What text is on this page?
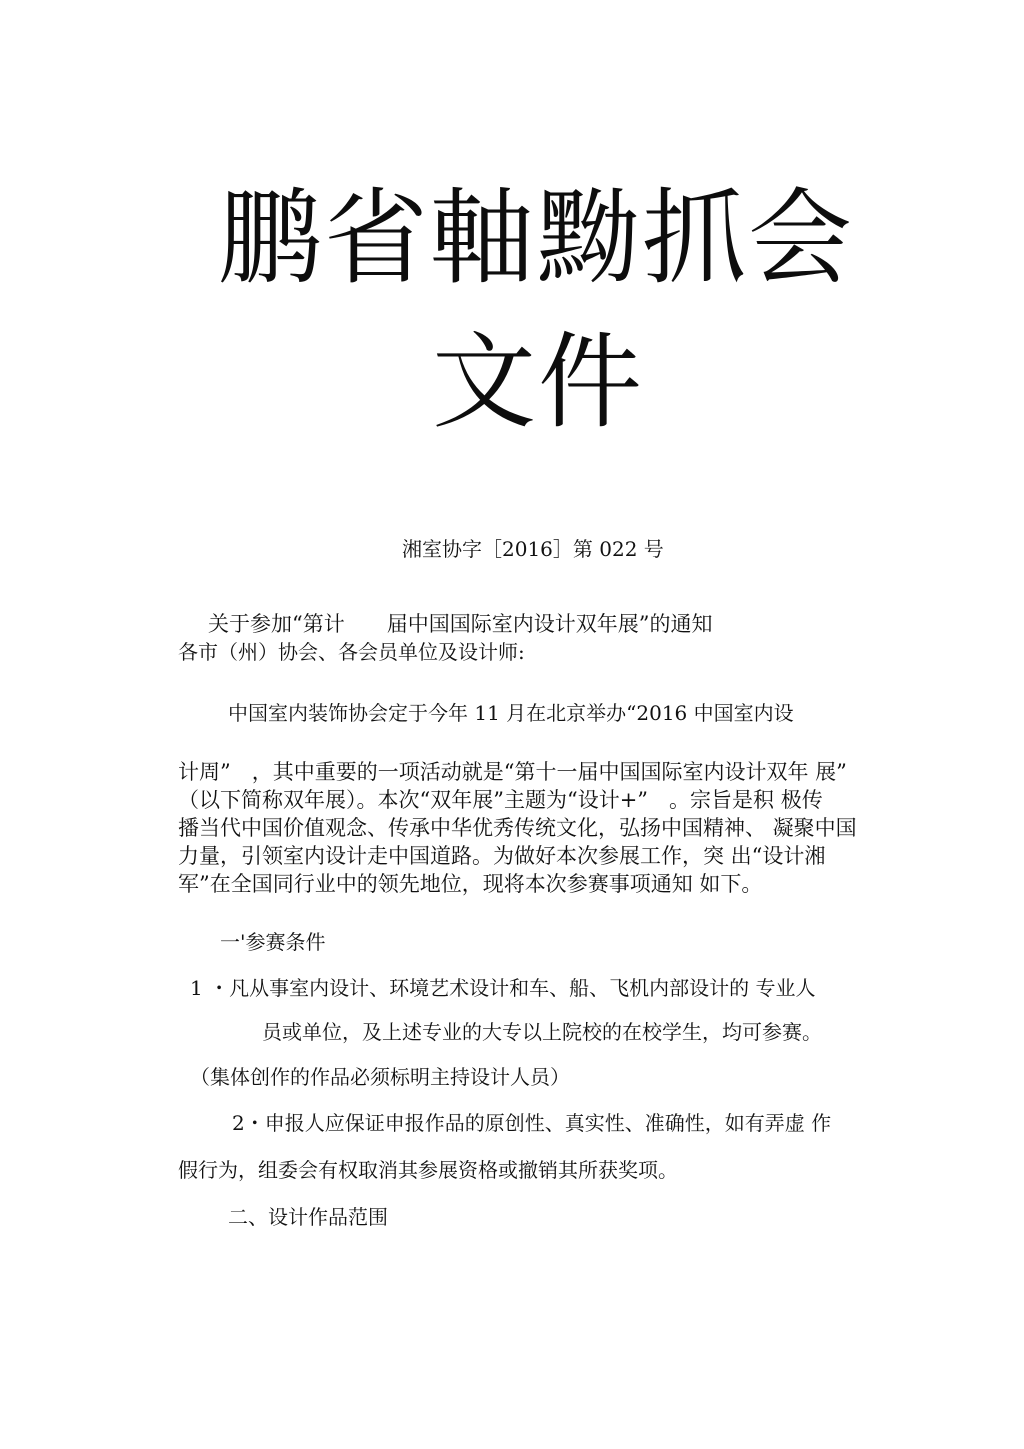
鹏省軸黝抓会
文件
湘室协字［2016］第 022 号
关于参加“第计　　届中国国际室内设计双年展”的通知
各市（州）协会、各会员单位及设计师:
中国室内装饰协会定于今年 11 月在北京举办“2016 中国室内设
计周”　，其中重要的一项活动就是“第十一届中国国际室内设计双年 展”
（以下简称双年展）。本次“双年展”主题为“设计+”　。宗旨是积 极传
播当代中国价值观念、传承中华优秀传统文化，弘扬中国精神、 凝聚中国
力量，引领室内设计走中国道路。为做好本次参展工作，突 出“设计湘
军”在全国同行业中的领先地位，现将本次参赛事项通知 如下。
一'参赛条件
1 ・凡从事室内设计、环境艺术设计和车、船、飞机内部设计的 专业人
员或单位，及上述专业的大专以上院校的在校学生，均可参赛。
（集体创作的作品必须标明主持设计人员）
2・申报人应保证申报作品的原创性、真实性、准确性，如有弄虚 作
假行为，组委会有权取消其参展资格或撤销其所获奖项。
二、设计作品范围
